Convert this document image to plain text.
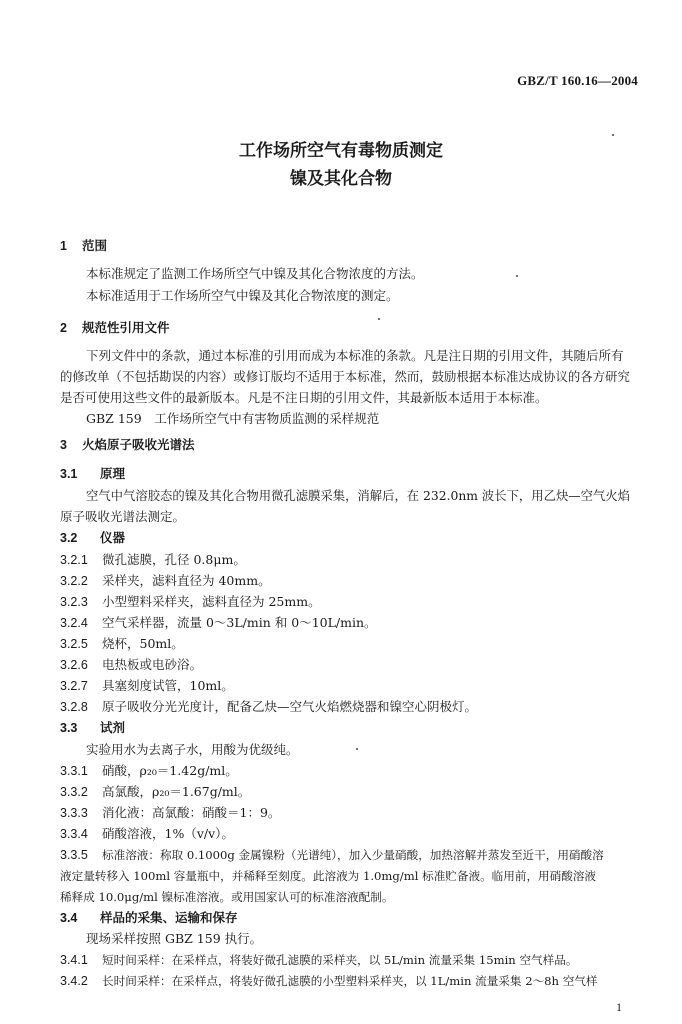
GBZ/T 160.16—2004
工作场所空气有毒物质测定
镍及其化合物
1 范围
本标准规定了监测工作场所空气中镍及其化合物浓度的方法。
本标准适用于工作场所空气中镍及其化合物浓度的测定。
2 规范性引用文件
下列文件中的条款，通过本标准的引用而成为本标准的条款。凡是注日期的引用文件，其随后所有
的修改单（不包括勘误的内容）或修订版均不适用于本标准，然而，鼓励根据本标准达成协议的各方研究
是否可使用这些文件的最新版本。凡是不注日期的引用文件，其最新版本适用于本标准。
GBZ 159　工作场所空气中有害物质监测的采样规范
3 火焰原子吸收光谱法
3.1 原理
空气中气溶胶态的镍及其化合物用微孔滤膜采集，消解后，在 232.0nm 波长下，用乙炔—空气火焰
原子吸收光谱法测定。
3.2 仪器
3.2.1 微孔滤膜，孔径 0.8μm。
3.2.2 采样夹，滤料直径为 40mm。
3.2.3 小型塑料采样夹，滤料直径为 25mm。
3.2.4 空气采样器，流量 0～3L/min 和 0～10L/min。
3.2.5 烧杯，50ml。
3.2.6 电热板或电砂浴。
3.2.7 具塞刻度试管，10ml。
3.2.8 原子吸收分光光度计，配备乙炔—空气火焰燃烧器和镍空心阴极灯。
3.3 试剂
实验用水为去离子水，用酸为优级纯。
3.3.1 硝酸，ρ₂₀＝1.42g/ml。
3.3.2 高氯酸，ρ₂₀＝1.67g/ml。
3.3.3 消化液：高氯酸：硝酸＝1：9。
3.3.4 硝酸溶液，1%（v/v）。
3.3.5 标准溶液：称取 0.1000g 金属镍粉（光谱纯），加入少量硝酸，加热溶解并蒸发至近干，用硝酸溶
液定量转移入 100ml 容量瓶中，并稀释至刻度。此溶液为 1.0mg/ml 标准贮备液。临用前，用硝酸溶液
稀释成 10.0μg/ml 镍标准溶液。或用国家认可的标准溶液配制。
3.4 样品的采集、运输和保存
现场采样按照 GBZ 159 执行。
3.4.1 短时间采样：在采样点，将装好微孔滤膜的采样夹，以 5L/min 流量采集 15min 空气样品。
3.4.2 长时间采样：在采样点，将装好微孔滤膜的小型塑料采样夹，以 1L/min 流量采集 2～8h 空气样
1
